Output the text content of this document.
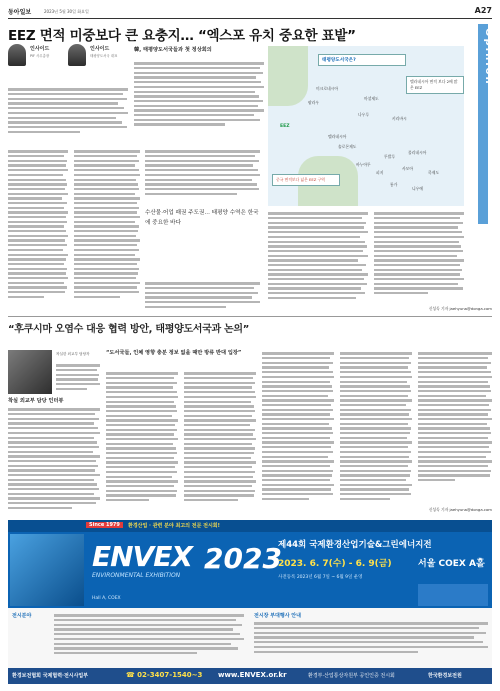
동아일보	2023년 5월 30일 화요일	A27
EEZ 면적 미중보다 큰 요충지… “엑스포 유치 중요한 표밭”	Opinion
인사이드
PIF 사무총장
인사이드
태평양도서국 대표
韓, 태평양도서국들과 첫 정상회의
태평양도서국은?
미크로네시아
멜라네시아
폴리네시아
EEZ
팔라우
마셜제도
나우루
키리바시
솔로몬제도
바누아투
피지
통가
사모아
투발루
쿡제도
니우에
멜라네시아 면적 보다 2배 많은 EEZ
중국 면적보다 넓은 EEZ 구역
수산물·어업 패권 주도권… 태평양 수역은 한국에 중요한 바다
신성독 기자 jaehyuna@donga.com
“후쿠시마 오염수 대응 협력 방안, 태평양도서국과 논의”
착실 외교부 담당 인터뷰
착실한 외교부 담당자	“도서국들, 인체 영향 충분 정보 없을 때만 방류 반대 입장”
신성독 기자 jaehyuna@donga.com
Since 1979	환경산업 · 관련 분야 최고의 전문 전시회!
ENVEX
ENVIRONMENTAL EXHIBITION
2023
제44회 국제환경산업기술&그린에너지전
2023. 6. 7(수) - 6. 9(금)	서울 COEX A홀
사전등록 2023년 6월 7일 ~ 6월 9일 운영
Hall A, COEX
전시분야	전시장 부대행사 안내
환경보전협회 국제협력·전시사업부	☎ 02-3407-1540~3 www.ENVEX.or.kr	환경부·산업통상자원부 공인인증 전시회	한국환경보전원
